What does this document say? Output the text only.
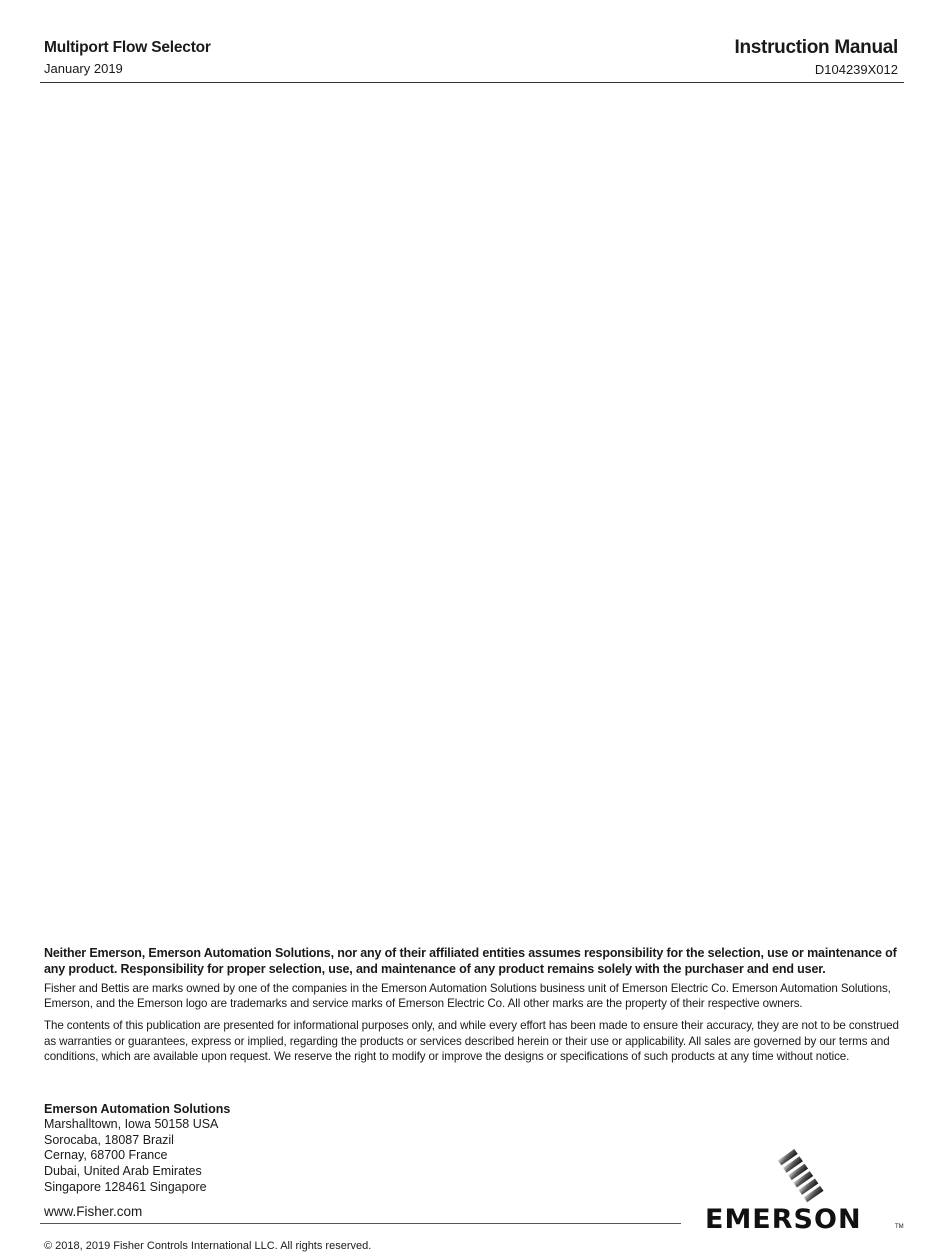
Multiport Flow Selector
January 2019
Instruction Manual
D104239X012

Neither Emerson, Emerson Automation Solutions, nor any of their affiliated entities assumes responsibility for the selection, use or maintenance of any product. Responsibility for proper selection, use, and maintenance of any product remains solely with the purchaser and end user.

Fisher and Bettis are marks owned by one of the companies in the Emerson Automation Solutions business unit of Emerson Electric Co. Emerson Automation Solutions, Emerson, and the Emerson logo are trademarks and service marks of Emerson Electric Co. All other marks are the property of their respective owners.

The contents of this publication are presented for informational purposes only, and while every effort has been made to ensure their accuracy, they are not to be construed as warranties or guarantees, express or implied, regarding the products or services described herein or their use or applicability. All sales are governed by our terms and conditions, which are available upon request. We reserve the right to modify or improve the designs or specifications of such products at any time without notice.

Emerson Automation Solutions
Marshalltown, Iowa 50158 USA
Sorocaba, 18087 Brazil
Cernay, 68700 France
Dubai, United Arab Emirates
Singapore 128461 Singapore
www.Fisher.com
© 2018, 2019 Fisher Controls International LLC. All rights reserved.
EMERSON	TM
